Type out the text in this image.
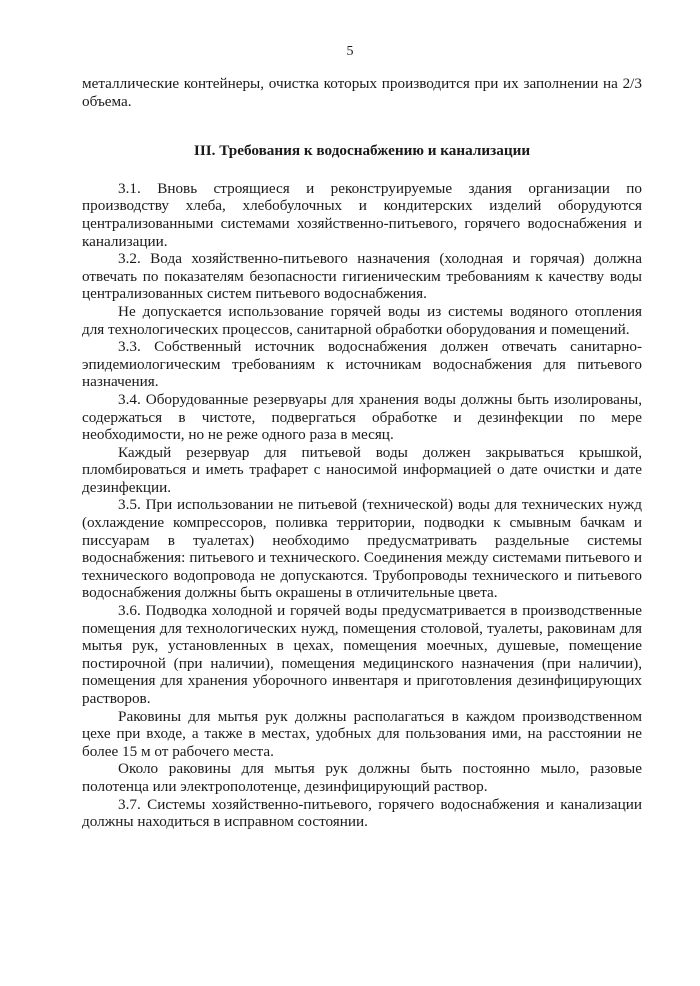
5

металлические контейнеры, очистка которых производится при их заполнении на 2/3 объема.

III. Требования к водоснабжению и канализации

3.1. Вновь строящиеся и реконструируемые здания организации по производству хлеба, хлебобулочных и кондитерских изделий оборудуются централизованными системами хозяйственно-питьевого, горячего водоснабжения и канализации.

3.2. Вода хозяйственно-питьевого назначения (холодная и горячая) должна отвечать по показателям безопасности гигиеническим требованиям к качеству воды централизованных систем питьевого водоснабжения.

Не допускается использование горячей воды из системы водяного отопления для технологических процессов, санитарной обработки оборудования и помещений.

3.3. Собственный источник водоснабжения должен отвечать санитарно-эпидемиологическим требованиям к источникам водоснабжения для питьевого назначения.

3.4. Оборудованные резервуары для хранения воды должны быть изолированы, содержаться в чистоте, подвергаться обработке и дезинфекции по мере необходимости, но не реже одного раза в месяц.

Каждый резервуар для питьевой воды должен закрываться крышкой, пломбироваться и иметь трафарет с наносимой информацией о дате очистки и дате дезинфекции.

3.5. При использовании не питьевой (технической) воды для технических нужд (охлаждение компрессоров, поливка территории, подводки к смывным бачкам и писсуарам в туалетах) необходимо предусматривать раздельные системы водоснабжения: питьевого и технического. Соединения между системами питьевого и технического водопровода не допускаются. Трубопроводы технического и питьевого водоснабжения должны быть окрашены в отличительные цвета.

3.6. Подводка холодной и горячей воды предусматривается в производственные помещения для технологических нужд, помещения столовой, туалеты, раковинам для мытья рук, установленных в цехах, помещения моечных, душевые, помещение постирочной (при наличии), помещения медицинского назначения (при наличии), помещения для хранения уборочного инвентаря и приготовления дезинфицирующих растворов.

Раковины для мытья рук должны располагаться в каждом производственном цехе при входе, а также в местах, удобных для пользования ими, на расстоянии не более 15 м от рабочего места.

Около раковины для мытья рук должны быть постоянно мыло, разовые полотенца или электрополотенце, дезинфицирующий раствор.

3.7. Системы хозяйственно-питьевого, горячего водоснабжения и канализации должны находиться в исправном состоянии.
